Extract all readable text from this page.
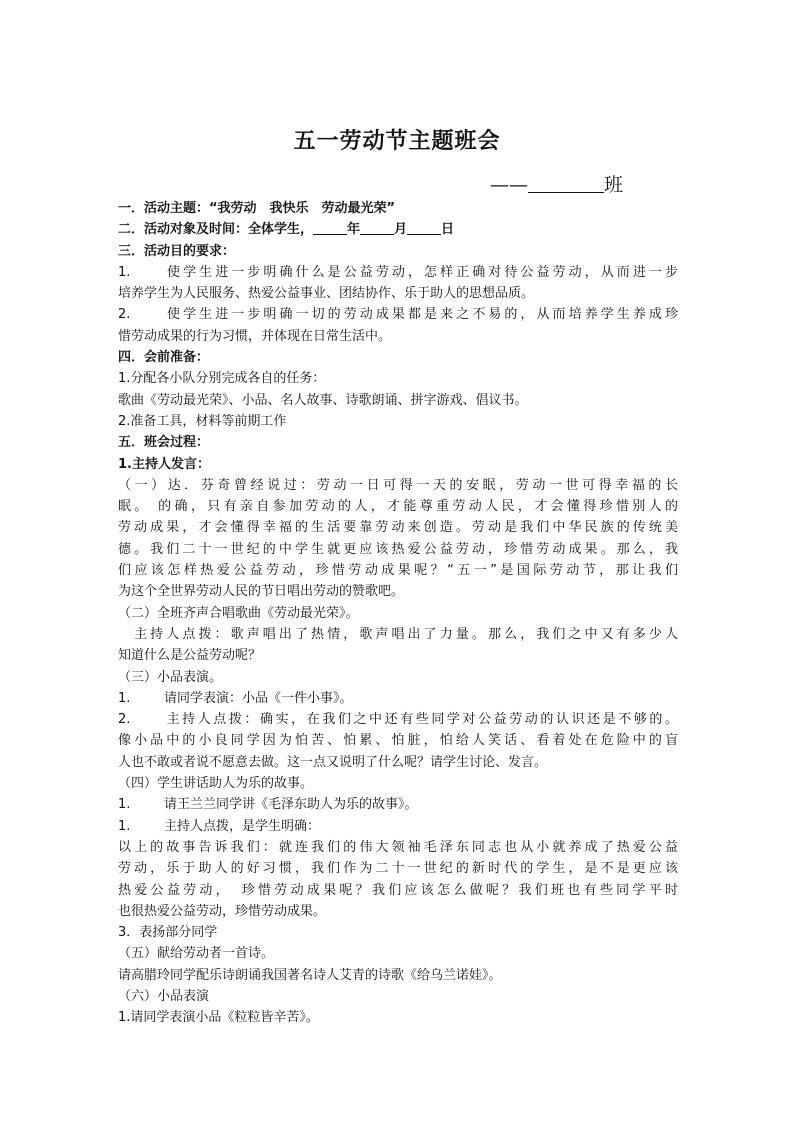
五一劳动节主题班会
——	班
一．活动主题：“我劳动　我快乐　劳动最光荣”
二．活动对象及时间：全体学生，	年	月	日
三．活动目的要求：
1.	使学生进一步明确什么是公益劳动，怎样正确对待公益劳动，从而进一步
培养学生为人民服务、热爱公益事业、团结协作、乐于助人的思想品质。
2.	使学生进一步明确一切的劳动成果都是来之不易的，从而培养学生养成珍
惜劳动成果的行为习惯，并体现在日常生活中。
四．会前准备：
1.分配各小队分别完成各自的任务：
歌曲《劳动最光荣》、小品、名人故事、诗歌朗诵、拼字游戏、倡议书。
2.准备工具，材料等前期工作
五．班会过程：
1.主持人发言：
（一）达．芬奇曾经说过：劳动一日可得一天的安眠，劳动一世可得幸福的长
眠。 的确，只有亲自参加劳动的人，才能尊重劳动人民，才会懂得珍惜别人的
劳动成果，才会懂得幸福的生活要靠劳动来创造。劳动是我们中华民族的传统美
德。我们二十一世纪的中学生就更应该热爱公益劳动，珍惜劳动成果。那么，我
们应该怎样热爱公益劳动，珍惜劳动成果呢？“五一”是国际劳动节，那让我们
为这个全世界劳动人民的节日唱出劳动的赞歌吧。
（二）全班齐声合唱歌曲《劳动最光荣》。
　主持人点拨：歌声唱出了热情，歌声唱出了力量。那么，我们之中又有多少人
知道什么是公益劳动呢？
（三）小品表演。
1.	请同学表演：小品《一件小事》。
2.	主持人点拨：确实，在我们之中还有些同学对公益劳动的认识还是不够的。
像小品中的小良同学因为怕苦、怕累、怕脏，怕给人笑话、看着处在危险中的盲
人也不敢或者说不愿意去做。这一点又说明了什么呢？请学生讨论、发言。
（四）学生讲话助人为乐的故事。
1.	请王兰兰同学讲《毛泽东助人为乐的故事》。
1.	主持人点拨，是学生明确：
以上的故事告诉我们：就连我们的伟大领袖毛泽东同志也从小就养成了热爱公益
劳动，乐于助人的好习惯，我们作为二十一世纪的新时代的学生，是不是更应该
热爱公益劳动，　珍惜劳动成果呢？我们应该怎么做呢？我们班也有些同学平时
也很热爱公益劳动，珍惜劳动成果。
3．表扬部分同学
（五）献给劳动者一首诗。
请高腊玲同学配乐诗朗诵我国著名诗人艾青的诗歌《给乌兰诺娃》。
（六）小品表演
1.请同学表演小品《粒粒皆辛苦》。
